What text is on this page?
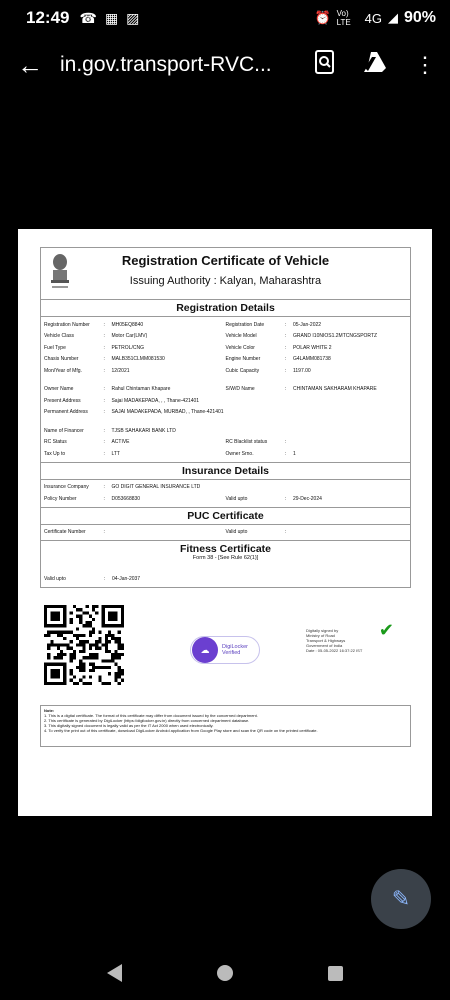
12:49 ☎ ▦ ▨	⏰ Vo) LTE	4G ◢ 90%
← in.gov.transport-RVC...	⋮
Registration Certificate of Vehicle
Issuing Authority : Kalyan, Maharashtra
Registration Details
Registration Number	:	MH05EQ8840	Registration Date	:	05-Jan-2022
Vehicle Class	:	Motor Car(LMV)	Vehicle Model	:	GRAND I10NIOS1.2MTCNGSPORTZ
Fuel Type	:	PETROL/CNG	Vehicle Color	:	POLAR WHITE 2
Chasis Number	:	MALB351CLMM081530	Engine Number	:	G4LAMM081738
Mon/Year of Mfg.	:	12/2021	Cubic Capacity	:	1197.00
Owner Name	:	Rahul Chintaman Khapare	S/W/D Name	:	CHINTAMAN SAKHARAM KHAPARE
Present Address	:	Sajai MADAKEPADA, , , Thane-421401
Permanent Address	:	SAJAI MADAKEPADA, MURBAD, , Thane-421401
Name of Financer	:	TJSB SAHAKARI BANK LTD
RC Status	:	ACTIVE	RC Blacklist status	:
Tax Up to	:	LTT	Owner Srno.	:	1
Insurance Details
Insurance Company	:	GO DIGIT GENERAL INSURANCE LTD
Policy Number	:	D053668830	Valid upto	:	29-Dec-2024
PUC Certificate
Certificate Number	:	Valid upto	:
Fitness Certificate
Form 38 - [See Rule 62(1)]
Valid upto	:	04-Jan-2037
☁	DigiLocker
Verified
Digitally signed by
Ministry of Road
Transport & Highways
Government of India
Date : 05-05-2022 16:37:22 IST
✔
Note:
1. This is a digital certificate. The format of this certificate may differ from document issued by the concerned department.
2. This certificate is generated by DigiLocker (https://digilocker.gov.in) directly from concerned department database.
3. This digitally signed document is legally valid as per the IT Act 2000 when used electronically.
4. To verify the print out of this certificate, download DigiLocker Android application from Google Play store and scan the QR code on the printed certificate.
✎
